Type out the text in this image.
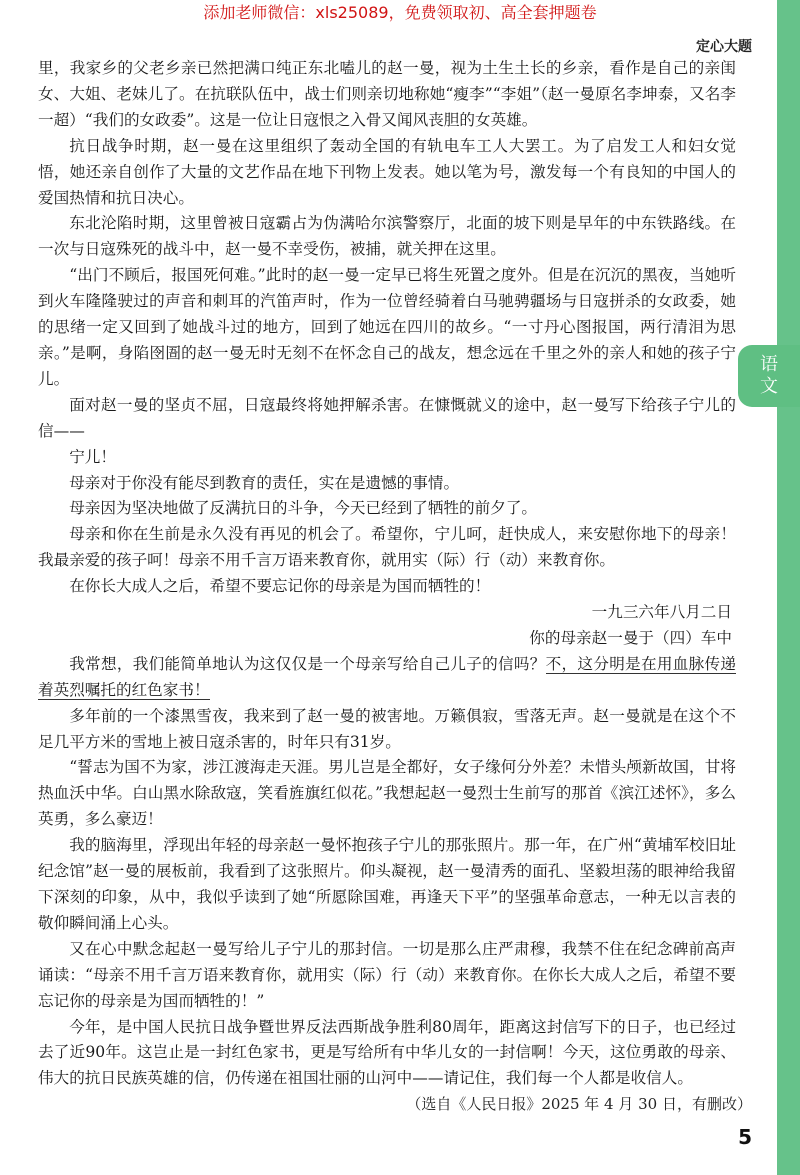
添加老师微信：xls25089，免费领取初、高全套押题卷
语
文
定心大题

里，我家乡的父老乡亲已然把满口纯正东北嗑儿的赵一曼，视为土生土长的乡亲，看作是自己的亲闺女、大姐、老妹儿了。在抗联队伍中，战士们则亲切地称她“瘦李”“李姐”（赵一曼原名李坤泰，又名李一超）“我们的女政委”。这是一位让日寇恨之入骨又闻风丧胆的女英雄。

抗日战争时期，赵一曼在这里组织了轰动全国的有轨电车工人大罢工。为了启发工人和妇女觉悟，她还亲自创作了大量的文艺作品在地下刊物上发表。她以笔为号，激发每一个有良知的中国人的爱国热情和抗日决心。

东北沦陷时期，这里曾被日寇霸占为伪满哈尔滨警察厅，北面的坡下则是早年的中东铁路线。在一次与日寇殊死的战斗中，赵一曼不幸受伤，被捕，就关押在这里。

“出门不顾后，报国死何难。”此时的赵一曼一定早已将生死置之度外。但是在沉沉的黑夜，当她听到火车隆隆驶过的声音和刺耳的汽笛声时，作为一位曾经骑着白马驰骋疆场与日寇拼杀的女政委，她的思绪一定又回到了她战斗过的地方，回到了她远在四川的故乡。“一寸丹心图报国，两行清泪为思亲。”是啊，身陷囹圄的赵一曼无时无刻不在怀念自己的战友，想念远在千里之外的亲人和她的孩子宁儿。

面对赵一曼的坚贞不屈，日寇最终将她押解杀害。在慷慨就义的途中，赵一曼写下给孩子宁儿的信——

宁儿！

母亲对于你没有能尽到教育的责任，实在是遗憾的事情。

母亲因为坚决地做了反满抗日的斗争，今天已经到了牺牲的前夕了。

母亲和你在生前是永久没有再见的机会了。希望你，宁儿呵，赶快成人，来安慰你地下的母亲！我最亲爱的孩子呵！母亲不用千言万语来教育你，就用实（际）行（动）来教育你。

在你长大成人之后，希望不要忘记你的母亲是为国而牺牲的！

一九三六年八月二日

你的母亲赵一曼于（四）车中

我常想，我们能简单地认为这仅仅是一个母亲写给自己儿子的信吗？不，这分明是在用血脉传递着英烈嘱托的红色家书！

多年前的一个漆黑雪夜，我来到了赵一曼的被害地。万籁俱寂，雪落无声。赵一曼就是在这个不足几平方米的雪地上被日寇杀害的，时年只有31岁。

“誓志为国不为家，涉江渡海走天涯。男儿岂是全都好，女子缘何分外差？未惜头颅新故国，甘将热血沃中华。白山黑水除敌寇，笑看旌旗红似花。”我想起赵一曼烈士生前写的那首《滨江述怀》，多么英勇，多么豪迈！

我的脑海里，浮现出年轻的母亲赵一曼怀抱孩子宁儿的那张照片。那一年，在广州“黄埔军校旧址纪念馆”赵一曼的展板前，我看到了这张照片。仰头凝视，赵一曼清秀的面孔、坚毅坦荡的眼神给我留下深刻的印象，从中，我似乎读到了她“所愿除国难，再逢天下平”的坚强革命意志，一种无以言表的敬仰瞬间涌上心头。

又在心中默念起赵一曼写给儿子宁儿的那封信。一切是那么庄严肃穆，我禁不住在纪念碑前高声诵读：“母亲不用千言万语来教育你，就用实（际）行（动）来教育你。在你长大成人之后，希望不要忘记你的母亲是为国而牺牲的！”

今年，是中国人民抗日战争暨世界反法西斯战争胜利80周年，距离这封信写下的日子，也已经过去了近90年。这岂止是一封红色家书，更是写给所有中华儿女的一封信啊！今天，这位勇敢的母亲、伟大的抗日民族英雄的信，仍传递在祖国壮丽的山河中——请记住，我们每一个人都是收信人。

（选自《人民日报》2025 年 4 月 30 日，有删改）
5
